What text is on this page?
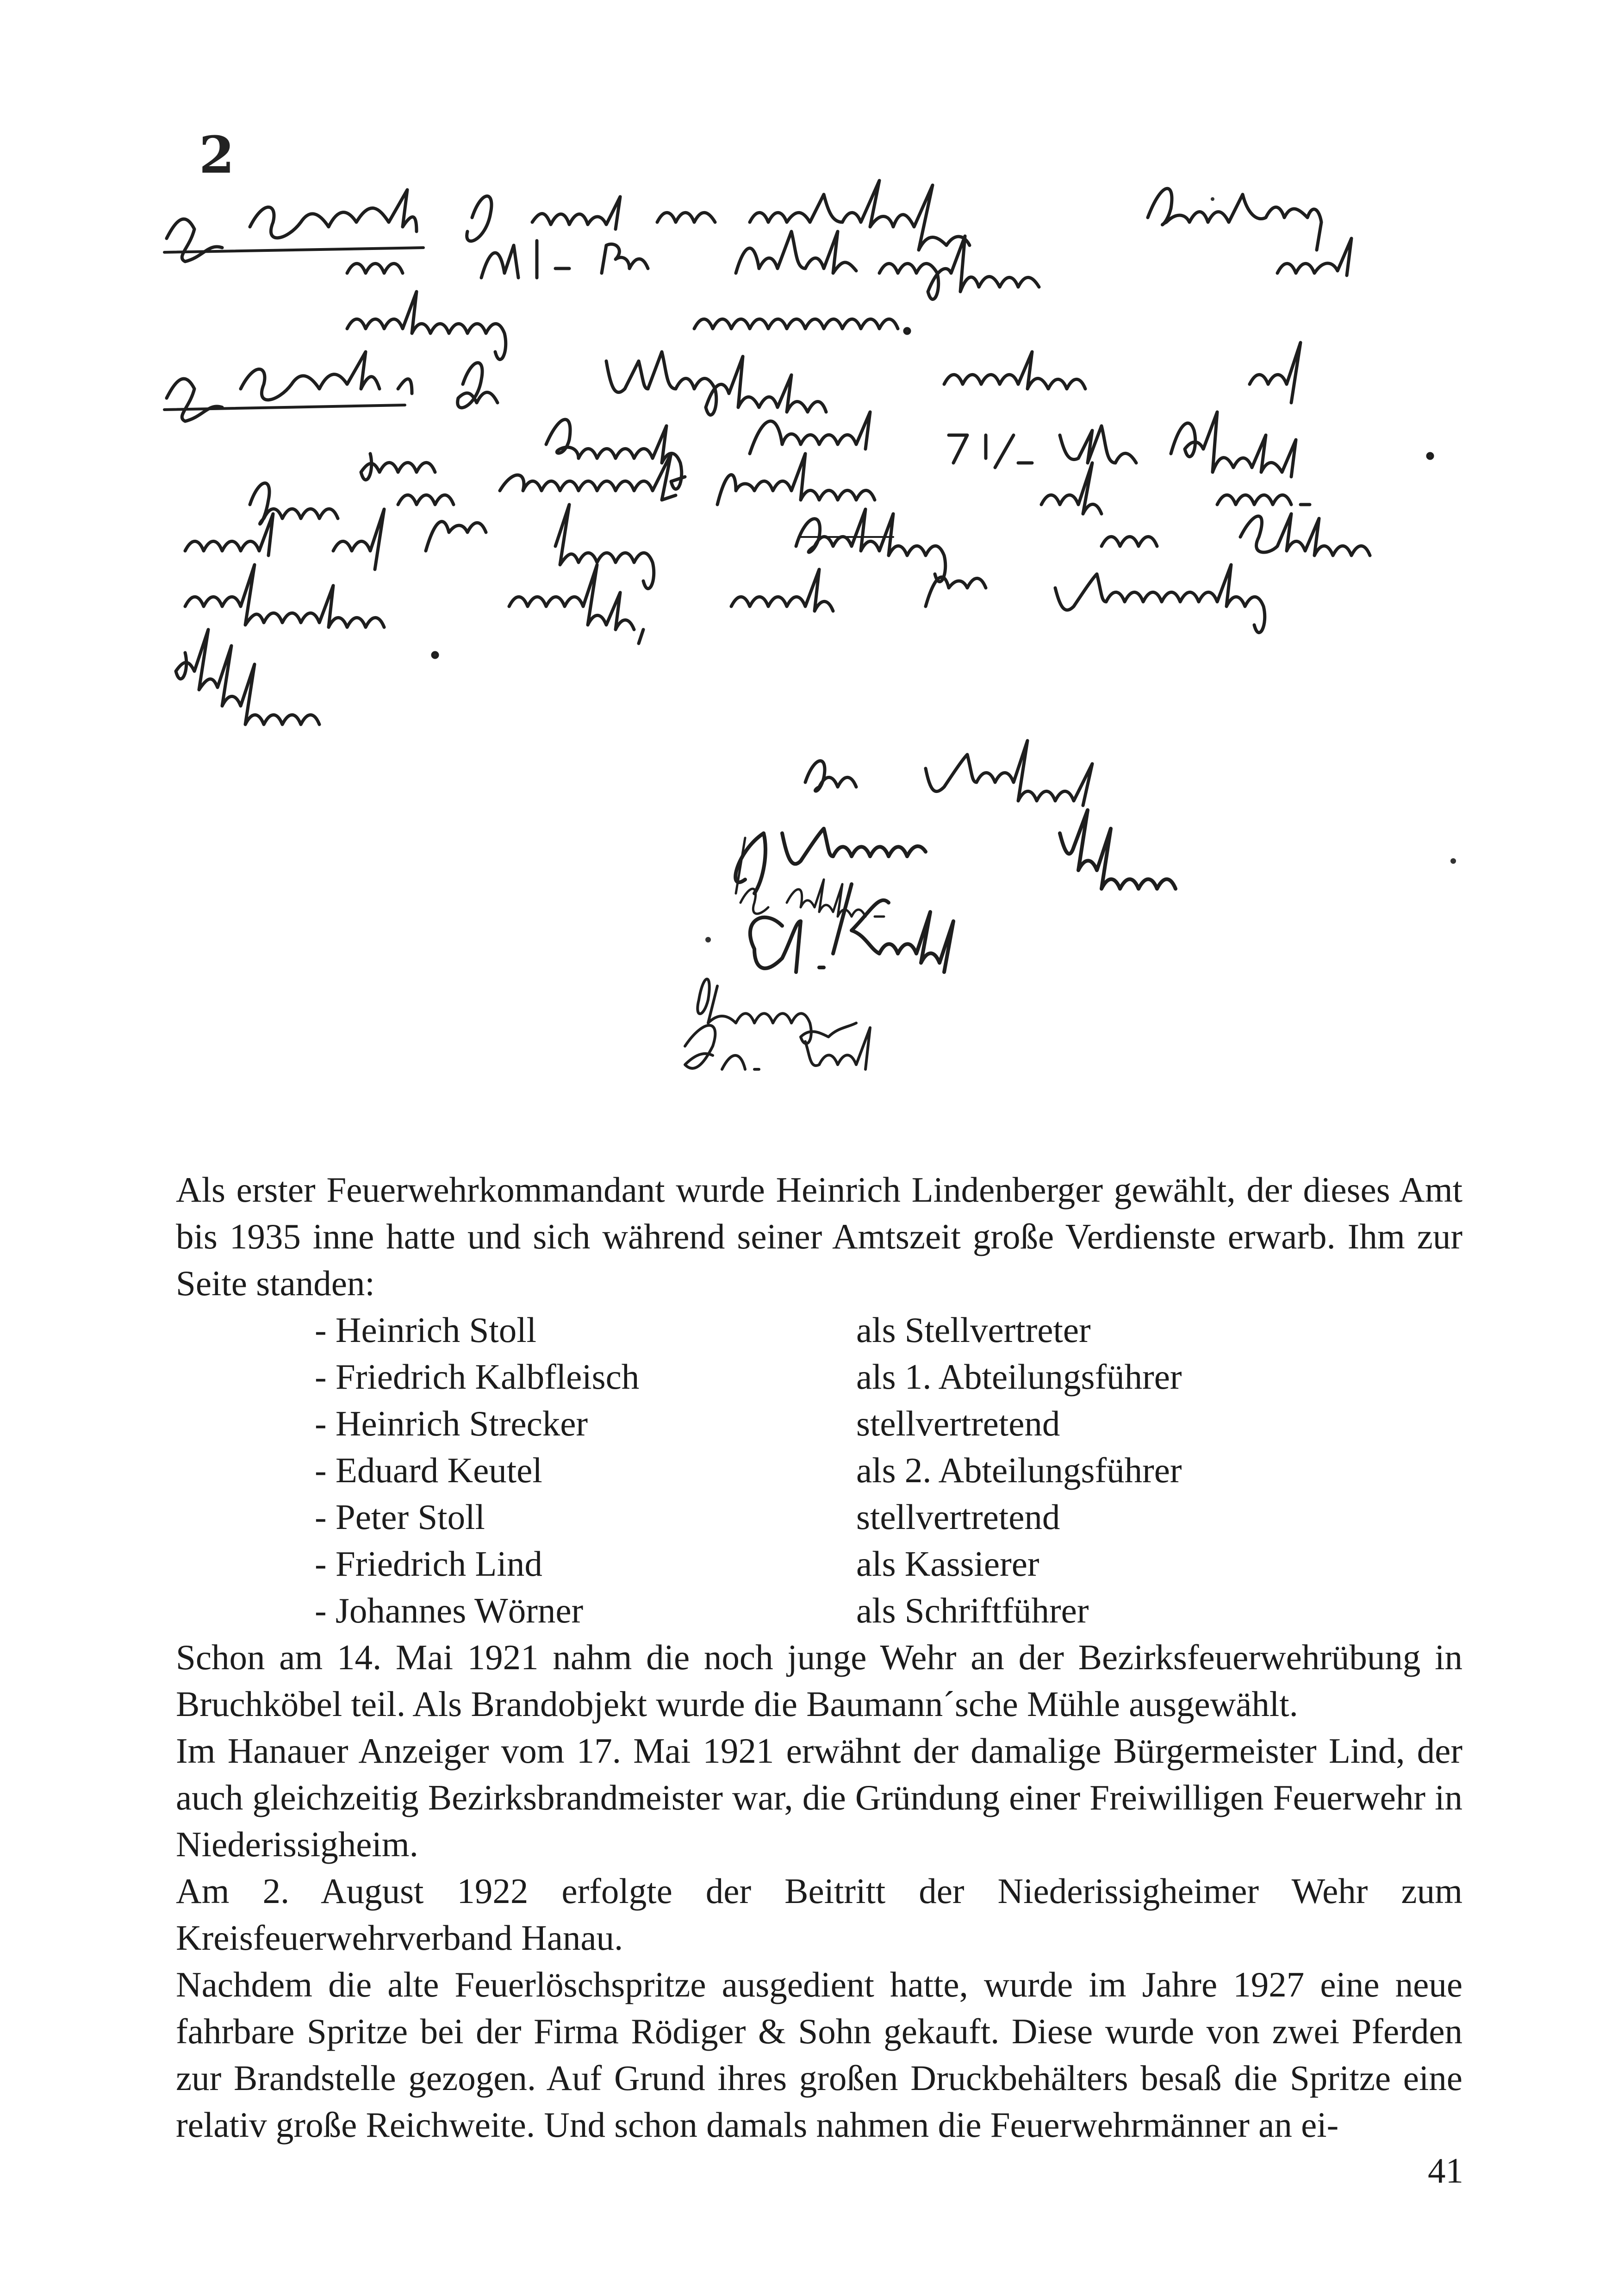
2

Als erster Feuerwehrkommandant wurde Heinrich Lindenberger gewählt, der dieses Amt bis 1935 inne hatte und sich während seiner Amtszeit große Verdienste erwarb. Ihm zur Seite standen:

- Heinrich Stoll	als Stellvertreter
- Friedrich Kalbfleisch	als 1. Abteilungsführer
- Heinrich Strecker	stellvertretend
- Eduard Keutel	als 2. Abteilungsführer
- Peter Stoll	stellvertretend
- Friedrich Lind	als Kassierer
- Johannes Wörner	als Schriftführer

Schon am 14. Mai 1921 nahm die noch junge Wehr an der Bezirksfeuerwehrübung in Bruchköbel teil. Als Brandobjekt wurde die Baumann´sche Mühle ausgewählt.

Im Hanauer Anzeiger vom 17. Mai 1921 erwähnt der damalige Bürgermeister Lind, der auch gleichzeitig Bezirksbrandmeister war, die Gründung einer Freiwilligen Feuerwehr in Niederissigheim.

Am 2. August 1922 erfolgte der Beitritt der Niederissigheimer Wehr zum Kreisfeuerwehrverband Hanau.

Nachdem die alte Feuerlöschspritze ausgedient hatte, wurde im Jahre 1927 eine neue fahrbare Spritze bei der Firma Rödiger & Sohn gekauft. Diese wurde von zwei Pferden zur Brandstelle gezogen. Auf Grund ihres großen Druckbehälters besaß die Spritze eine relativ große Reichweite. Und schon damals nahmen die Feuerwehrmänner an ei-

41
